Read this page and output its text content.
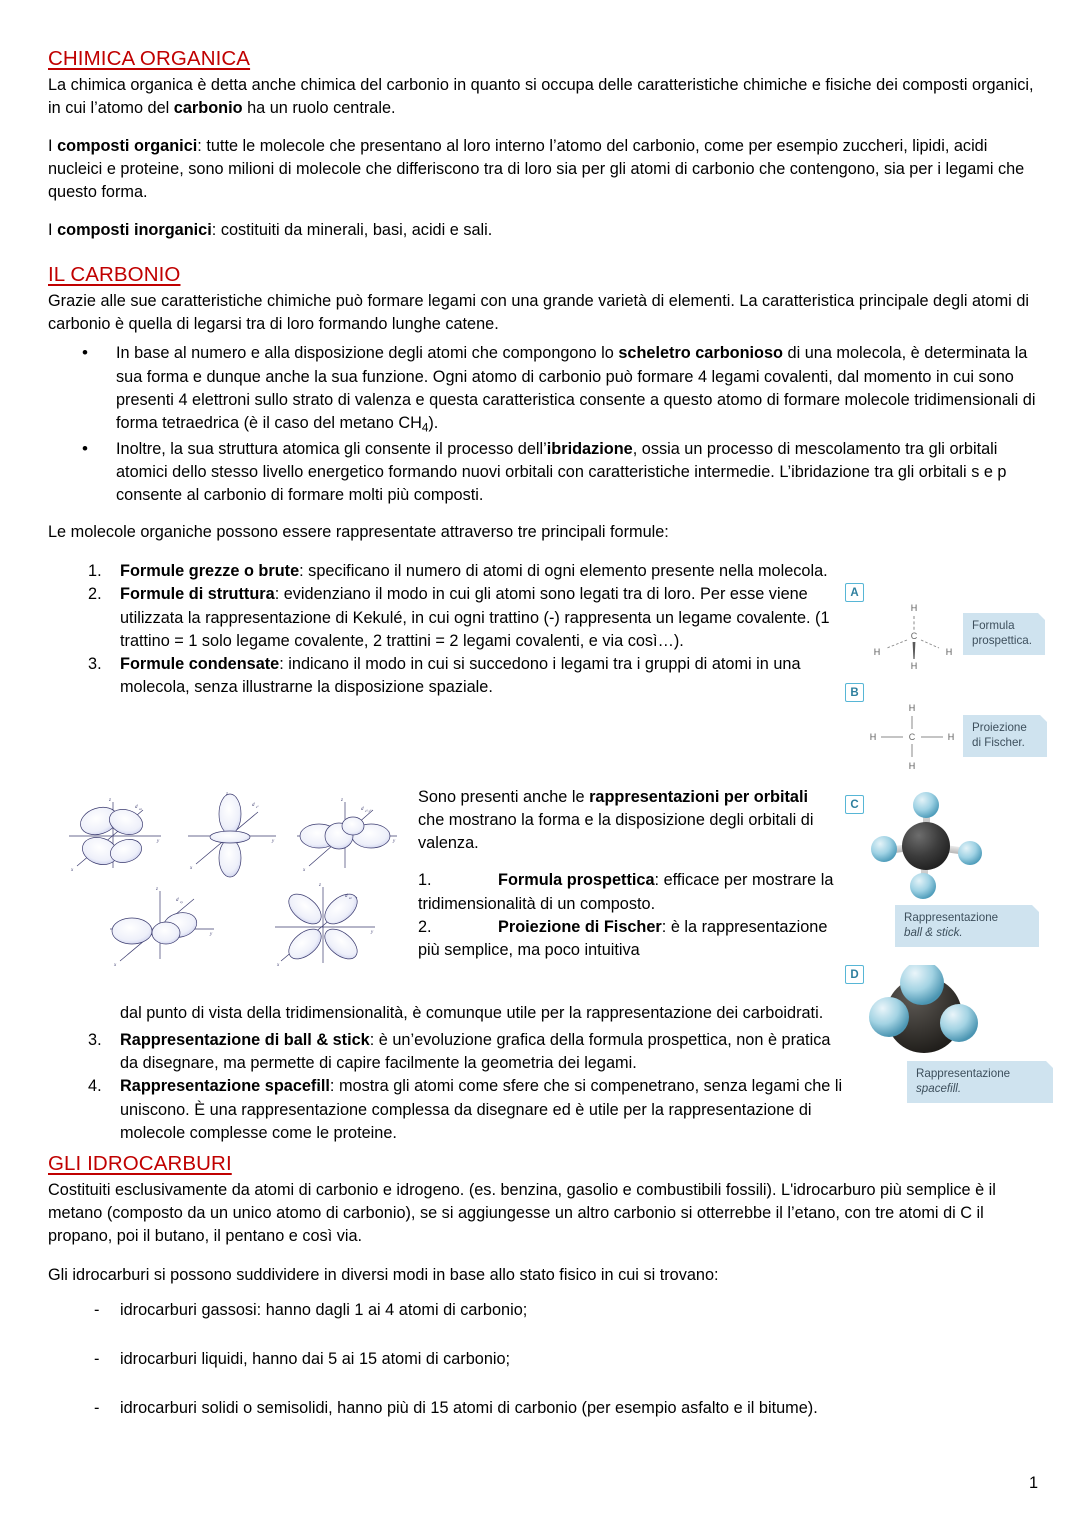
CHIMICA ORGANICA

La chimica organica è detta anche chimica del carbonio in quanto si occupa delle caratteristiche chimiche e fisiche dei composti organici, in cui l’atomo del carbonio ha un ruolo centrale.

I composti organici: tutte le molecole che presentano al loro interno l’atomo del carbonio, come per esempio zuccheri, lipidi, acidi nucleici e proteine, sono milioni di molecole che differiscono tra di loro sia per gli atomi di carbonio che contengono, sia per i legami che questo forma.

I composti inorganici: costituiti da minerali, basi, acidi e sali.

IL CARBONIO

Grazie alle sue caratteristiche chimiche può formare legami con una grande varietà di elementi. La caratteristica principale degli atomi di carbonio è quella di legarsi tra di loro formando lunghe catene.

• In base al numero e alla disposizione degli atomi che compongono lo scheletro carbonioso di una molecola, è determinata la sua forma e dunque anche la sua funzione. Ogni atomo di carbonio può formare 4 legami covalenti, dal momento in cui sono presenti 4 elettroni sullo strato di valenza e questa caratteristica consente a questo atomo di formare molecole tridimensionali di forma tetraedrica (è il caso del metano $CH_4$).
• Inoltre, la sua struttura atomica gli consente il processo dell’ibridazione, ossia un processo di mescolamento tra gli orbitali atomici dello stesso livello energetico formando nuovi orbitali con caratteristiche intermedie. L’ibridazione tra gli orbitali s e p consente al carbonio di formare molti più composti.

Le molecole organiche possono essere rappresentate attraverso tre principali formule:

Formule grezze o brute: specificano il numero di atomi di ogni elemento presente nella molecola.
Formule di struttura: evidenziano il modo in cui gli atomi sono legati tra di loro. Per esse viene utilizzata la rappresentazione di Kekulé, in cui ogni trattino (-) rappresenta un legame covalente. (1 trattino = 1 solo legame covalente, 2 trattini = 2 legami covalenti, e via così…).
Formule condensate: indicano il modo in cui si succedono i legami tra i gruppi di atomi in una molecola, senza illustrarne la disposizione spaziale.
d xz
y
x
z
d z²
y
x
z
d x²-y²
y
x
z
d xy
y
x
z
d zz
y
x
z

Sono presenti anche le rappresentazioni per orbitali che mostrano la forma e la disposizione degli orbitali di valenza.

1.	Formula prospettica: efficace per mostrare la tridimensionalità di un composto.
2.	Proiezione di Fischer: è la rappresentazione più semplice, ma poco intuitiva
dal punto di vista della tridimensionalità, è comunque utile per la rappresentazione dei carboidrati.
Rappresentazione di ball & stick: è un’evoluzione grafica della formula prospettica, non è pratica da disegnare, ma permette di capire facilmente la geometria dei legami.
Rappresentazione spacefill: mostra gli atomi come sfere che si compenetrano, senza legami che li uniscono. È una rappresentazione complessa da disegnare ed è utile per la rappresentazione di molecole complesse come le proteine.
GLI IDROCARBURI

Costituiti esclusivamente da atomi di carbonio e idrogeno. (es. benzina, gasolio e combustibili fossili). L'idrocarburo più semplice è il metano (composto da un unico atomo di carbonio), se si aggiungesse un altro carbonio si otterrebbe il l’etano, con tre atomi di C il propano, poi il butano, il pentano e così via.

Gli idrocarburi si possono suddividere in diversi modi in base allo stato fisico in cui si trovano:

- idrocarburi gassosi: hanno dagli 1 ai 4 atomi di carbonio;
- idrocarburi liquidi, hanno dai 5 ai 15 atomi di carbonio;
- idrocarburi solidi o semisolidi, hanno più di 15 atomi di carbonio (per esempio asfalto e il bitume).
A
H
C
H	H
H
Formula
prospettica.
B
H
C
H	H
H
Proiezione
di Fischer.
C
Rappresentazione
ball & stick.
D
Rappresentazione
spacefill.
1
